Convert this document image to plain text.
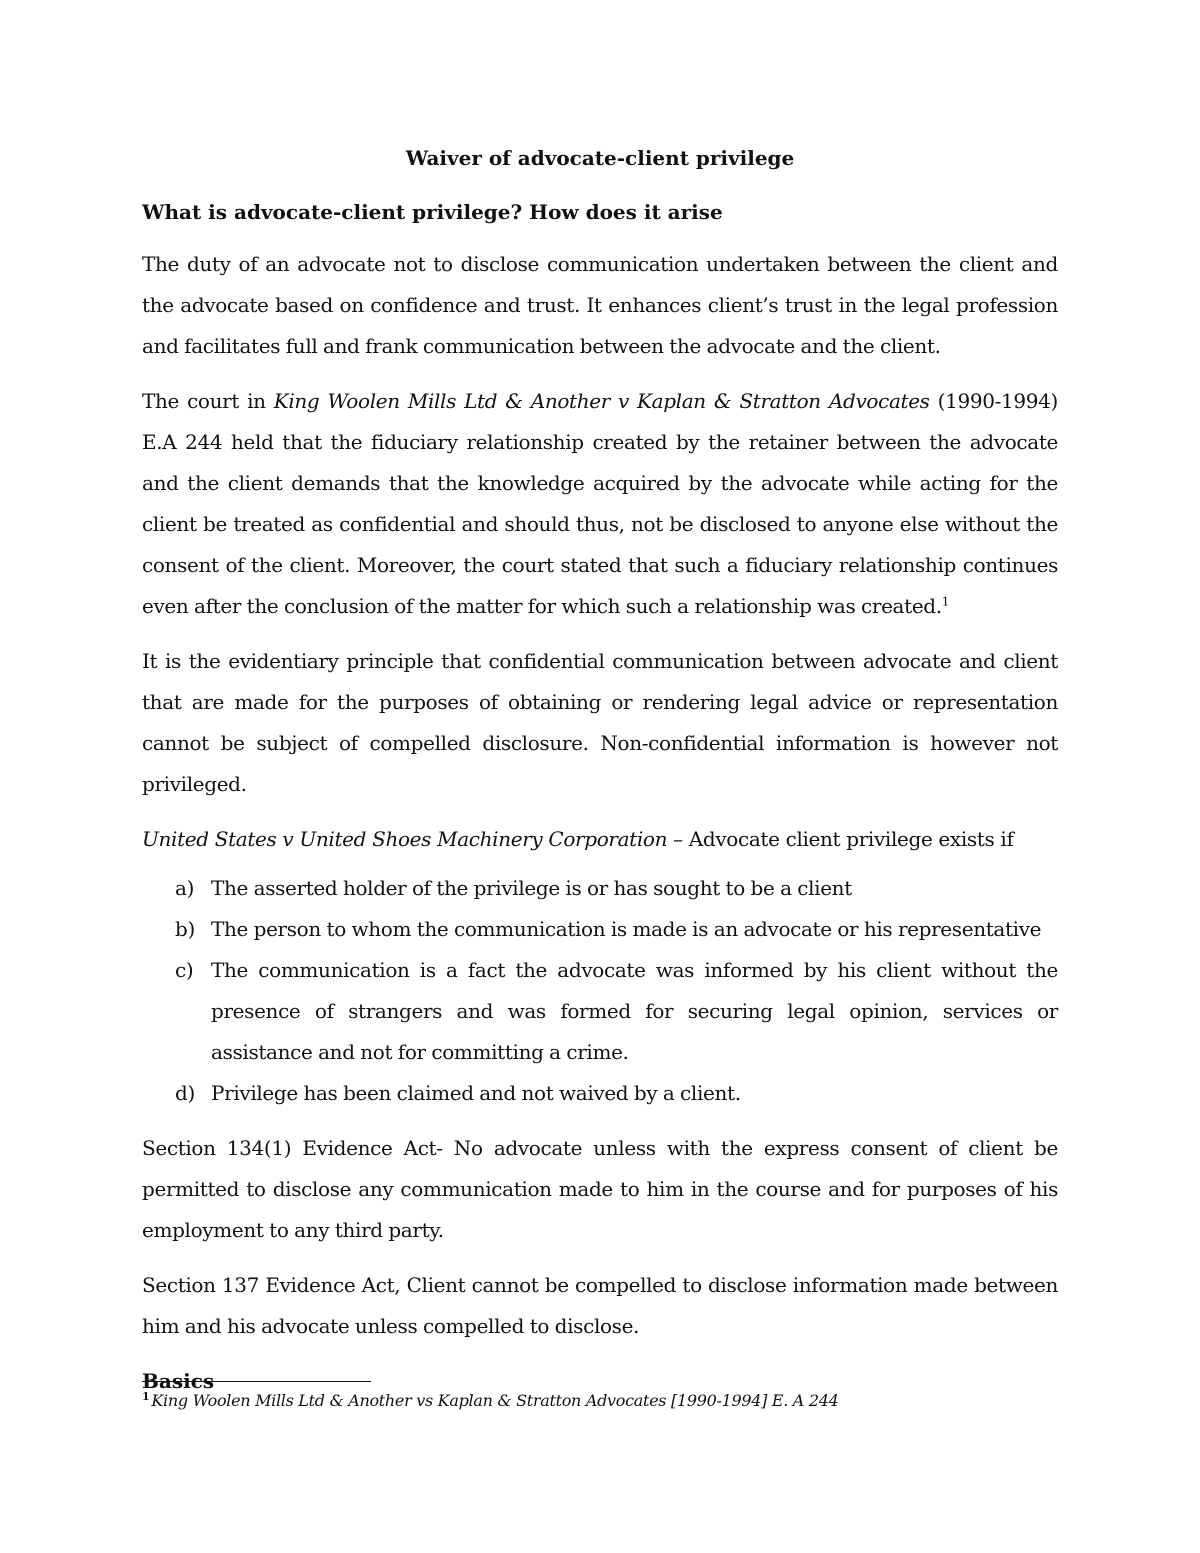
Waiver of advocate-client privilege
What is advocate-client privilege? How does it arise

The duty of an advocate not to disclose communication undertaken between the client and the advocate based on confidence and trust. It enhances client’s trust in the legal profession and facilitates full and frank communication between the advocate and the client.

The court in King Woolen Mills Ltd & Another v Kaplan & Stratton Advocates (1990-1994) E.A 244 held that the fiduciary relationship created by the retainer between the advocate and the client demands that the knowledge acquired by the advocate while acting for the client be treated as confidential and should thus, not be disclosed to anyone else without the consent of the client. Moreover, the court stated that such a fiduciary relationship continues even after the conclusion of the matter for which such a relationship was created.$^1$

It is the evidentiary principle that confidential communication between advocate and client that are made for the purposes of obtaining or rendering legal advice or representation cannot be subject of compelled disclosure. Non-confidential information is however not privileged.

United States v United Shoes Machinery Corporation – Advocate client privilege exists if

a) The asserted holder of the privilege is or has sought to be a client
b) The person to whom the communication is made is an advocate or his representative
c) The communication is a fact the advocate was informed by his client without the presence of strangers and was formed for securing legal opinion, services or assistance and not for committing a crime.
d) Privilege has been claimed and not waived by a client.

Section 134(1) Evidence Act- No advocate unless with the express consent of client be permitted to disclose any communication made to him in the course and for purposes of his employment to any third party.

Section 137 Evidence Act, Client cannot be compelled to disclose information made between him and his advocate unless compelled to disclose.

Basics
$^1$ King Woolen Mills Ltd & Another vs Kaplan & Stratton Advocates [1990-1994] E. A 244
